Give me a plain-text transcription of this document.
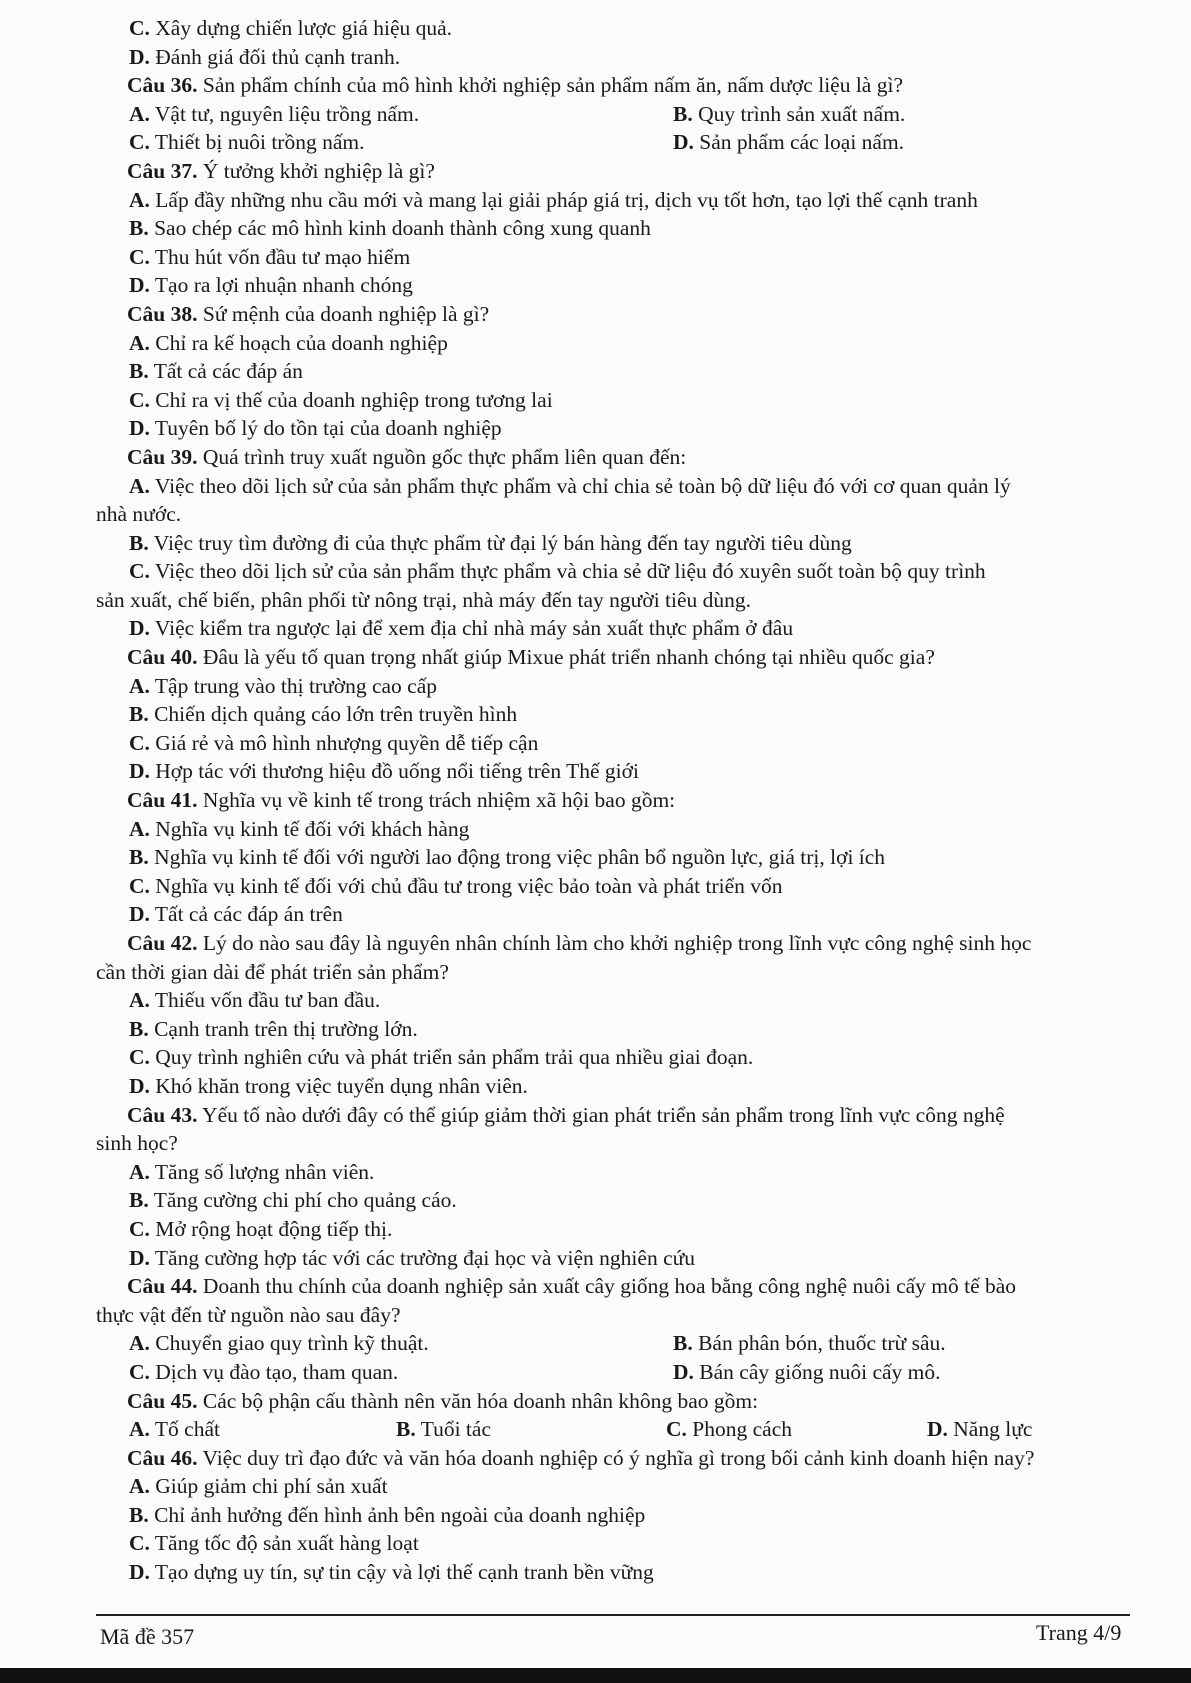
C. Xây dựng chiến lược giá hiệu quả.
D. Đánh giá đối thủ cạnh tranh.
Câu 36. Sản phẩm chính của mô hình khởi nghiệp sản phẩm nấm ăn, nấm dược liệu là gì?
A. Vật tư, nguyên liệu trồng nấm.	B. Quy trình sản xuất nấm.
C. Thiết bị nuôi trồng nấm.	D. Sản phẩm các loại nấm.
Câu 37. Ý tưởng khởi nghiệp là gì?
A. Lấp đầy những nhu cầu mới và mang lại giải pháp giá trị, dịch vụ tốt hơn, tạo lợi thế cạnh tranh
B. Sao chép các mô hình kinh doanh thành công xung quanh
C. Thu hút vốn đầu tư mạo hiểm
D. Tạo ra lợi nhuận nhanh chóng
Câu 38. Sứ mệnh của doanh nghiệp là gì?
A. Chỉ ra kế hoạch của doanh nghiệp
B. Tất cả các đáp án
C. Chỉ ra vị thế của doanh nghiệp trong tương lai
D. Tuyên bố lý do tồn tại của doanh nghiệp
Câu 39. Quá trình truy xuất nguồn gốc thực phẩm liên quan đến:
A. Việc theo dõi lịch sử của sản phẩm thực phẩm và chỉ chia sẻ toàn bộ dữ liệu đó với cơ quan quản lý
nhà nước.
B. Việc truy tìm đường đi của thực phẩm từ đại lý bán hàng đến tay người tiêu dùng
C. Việc theo dõi lịch sử của sản phẩm thực phẩm và chia sẻ dữ liệu đó xuyên suốt toàn bộ quy trình
sản xuất, chế biến, phân phối từ nông trại, nhà máy đến tay người tiêu dùng.
D. Việc kiểm tra ngược lại để xem địa chỉ nhà máy sản xuất thực phẩm ở đâu
Câu 40. Đâu là yếu tố quan trọng nhất giúp Mixue phát triển nhanh chóng tại nhiều quốc gia?
A. Tập trung vào thị trường cao cấp
B. Chiến dịch quảng cáo lớn trên truyền hình
C. Giá rẻ và mô hình nhượng quyền dễ tiếp cận
D. Hợp tác với thương hiệu đồ uống nổi tiếng trên Thế giới
Câu 41. Nghĩa vụ về kinh tế trong trách nhiệm xã hội bao gồm:
A. Nghĩa vụ kinh tế đối với khách hàng
B. Nghĩa vụ kinh tế đối với người lao động trong việc phân bổ nguồn lực, giá trị, lợi ích
C. Nghĩa vụ kinh tế đối với chủ đầu tư trong việc bảo toàn và phát triển vốn
D. Tất cả các đáp án trên
Câu 42. Lý do nào sau đây là nguyên nhân chính làm cho khởi nghiệp trong lĩnh vực công nghệ sinh học
cần thời gian dài để phát triển sản phẩm?
A. Thiếu vốn đầu tư ban đầu.
B. Cạnh tranh trên thị trường lớn.
C. Quy trình nghiên cứu và phát triển sản phẩm trải qua nhiều giai đoạn.
D. Khó khăn trong việc tuyển dụng nhân viên.
Câu 43. Yếu tố nào dưới đây có thể giúp giảm thời gian phát triển sản phẩm trong lĩnh vực công nghệ
sinh học?
A. Tăng số lượng nhân viên.
B. Tăng cường chi phí cho quảng cáo.
C. Mở rộng hoạt động tiếp thị.
D. Tăng cường hợp tác với các trường đại học và viện nghiên cứu
Câu 44. Doanh thu chính của doanh nghiệp sản xuất cây giống hoa bằng công nghệ nuôi cấy mô tế bào
thực vật đến từ nguồn nào sau đây?
A. Chuyển giao quy trình kỹ thuật.	B. Bán phân bón, thuốc trừ sâu.
C. Dịch vụ đào tạo, tham quan.	D. Bán cây giống nuôi cấy mô.
Câu 45. Các bộ phận cấu thành nên văn hóa doanh nhân không bao gồm:
A. Tố chất	B. Tuổi tác	C. Phong cách	D. Năng lực
Câu 46. Việc duy trì đạo đức và văn hóa doanh nghiệp có ý nghĩa gì trong bối cảnh kinh doanh hiện nay?
A. Giúp giảm chi phí sản xuất
B. Chỉ ảnh hưởng đến hình ảnh bên ngoài của doanh nghiệp
C. Tăng tốc độ sản xuất hàng loạt
D. Tạo dựng uy tín, sự tin cậy và lợi thế cạnh tranh bền vững
Mã đề 357	Trang 4/9
